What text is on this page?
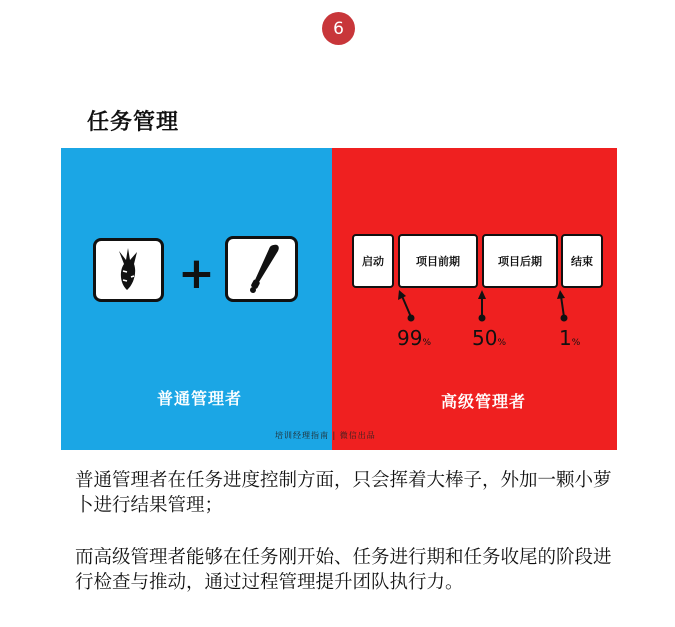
6
任务管理
+
普通管理者
启动	项目前期	项目后期	结束
99% 50%	1%
高级管理者
培训经理指南 | 微信出品

普通管理者在任务进度控制方面，只会挥着大棒子，外加一颗小萝卜进行结果管理；

而高级管理者能够在任务刚开始、任务进行期和任务收尾的阶段进行检查与推动，通过过程管理提升团队执行力。
